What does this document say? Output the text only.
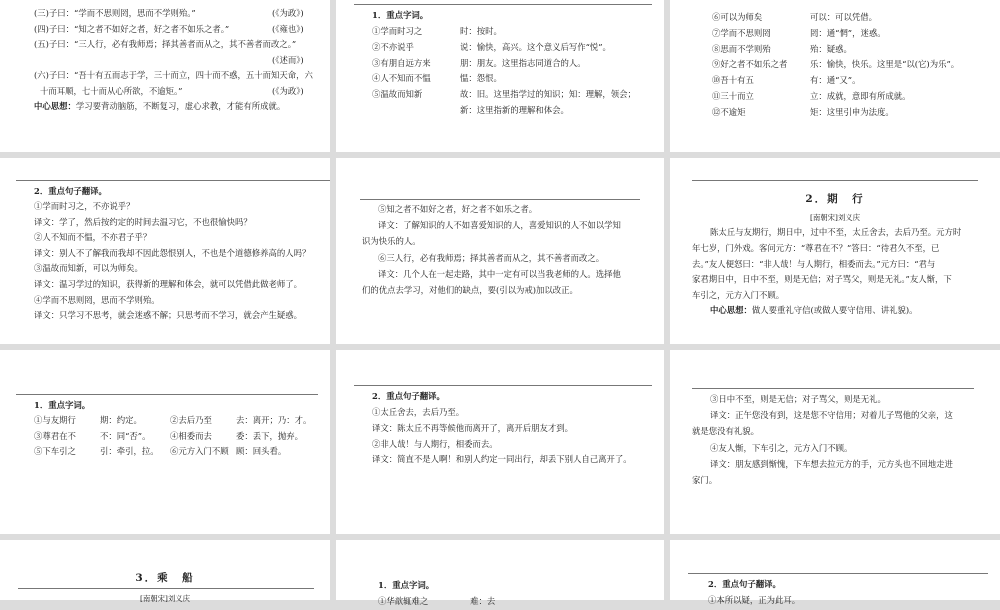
(三)子曰：“学而不思则罔，思而不学则殆。”	(《为政》)
(四)子曰：“知之者不如好之者，好之者不如乐之者。”	(《雍也》)
(五)子曰：“三人行，必有我师焉；择其善者而从之，其不善者而改之。”
(《述而》)
(六)子曰：“吾十有五而志于学，三十而立，四十而不惑，五十而知天命，六
十而耳顺，七十而从心所欲，不逾矩。”	(《为政》)
中心思想：学习要背动脑筋，不断复习，虚心求教，才能有所成就。
1．重点字词。
①学而时习之	时：按时。
②不亦说乎	说：愉快，高兴。这个意义后写作“悦”。
③有朋自远方来	朋：朋友。这里指志同道合的人。
④人不知而不愠	愠：怨恨。
⑤温故而知新	故：旧。这里指学过的知识；知：理解，领会；
新：这里指新的理解和体会。
⑥可以为师矣	可以：可以凭借。
⑦学而不思则罔	罔：通“惘”，迷惑。
⑧思而不学则殆	殆：疑惑。
⑨好之者不如乐之者	乐：愉快，快乐。这里是“以(它)为乐”。
⑩吾十有五	有：通“又”。
⑪三十而立	立：成就，意即有所成就。
⑫不逾矩	矩：这里引申为法度。
2．重点句子翻译。
①学而时习之，不亦说乎？
译文：学了，然后按约定的时间去温习它，不也很愉快吗？
②人不知而不愠，不亦君子乎？
译文：别人不了解我而我却不因此怨恨别人，不也是个道德修养高的人吗？
③温故而知新，可以为师矣。
译文：温习学过的知识，获得新的理解和体会，就可以凭借此做老师了。
④学而不思则罔，思而不学则殆。
译文：只学习不思考，就会迷惑不解；只思考而不学习，就会产生疑惑。
⑤知之者不如好之者，好之者不如乐之者。
译文：了解知识的人不如喜爱知识的人，喜爱知识的人不如以学知
识为快乐的人。
⑥三人行，必有我师焉；择其善者而从之，其不善者而改之。
译文：几个人在一起走路，其中一定有可以当我老师的人。选择他
们的优点去学习，对他们的缺点，要(引以为戒)加以改正。
2．期　行
[南朝宋]刘义庆
陈太丘与友期行，期日中，过中不至，太丘舍去，去后乃至。元方时
年七岁，门外戏。客问元方：“尊君在不？”答曰：“待君久不至，已
去。”友人便怒曰：“非人哉！与人期行，相委而去。”元方曰：“君与
家君期日中，日中不至，则是无信；对子骂父，则是无礼。”友人惭，下
车引之，元方入门不顾。
中心思想：做人要重礼守信(或做人要守信用、讲礼貌)。
1．重点字词。
①与友期行	期：约定。	②去后乃至	去：离开；乃：才。
③尊君在不	不：同“否”。 ④相委而去	委：丢下，抛弃。
⑤下车引之	引：牵引，拉。 ⑥元方入门不顾 顾：回头看。
2．重点句子翻译。
①太丘舍去，去后乃至。
译文：陈太丘不再等候他而离开了，离开后朋友才到。
②非人哉！与人期行，相委而去。
译文：简直不是人啊！和别人约定一同出行，却丢下别人自己离开了。
③日中不至，则是无信；对子骂父，则是无礼。
译文：正午您没有到，这是您不守信用；对着儿子骂他的父亲，这
就是您没有礼貌。
④友人惭，下车引之，元方入门不顾。
译文：朋友感到惭愧，下车想去拉元方的手，元方头也不回地走进
家门。
3．乘　船
[南朝宋]刘义庆
1．重点字词。
①华歆辄难之　　　　　难：去
2．重点句子翻译。
①本所以疑，正为此耳。
